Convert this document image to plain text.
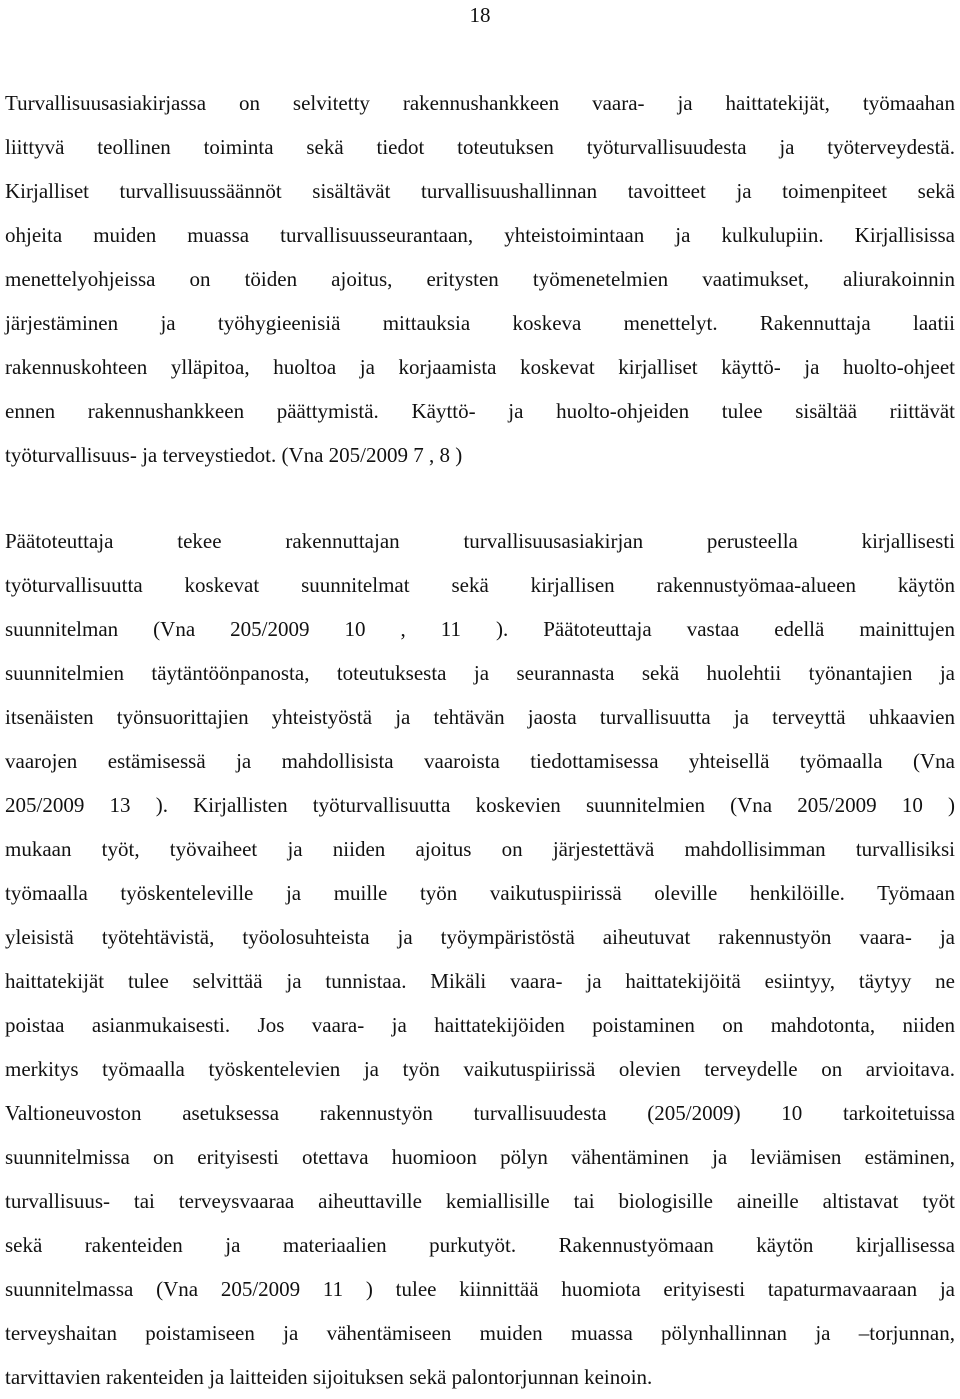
18
Turvallisuusasiakirjassa on selvitetty rakennushankkeen vaara- ja haittatekijät, työmaahan
liittyvä teollinen toiminta sekä tiedot toteutuksen työturvallisuudesta ja työterveydestä.
Kirjalliset turvallisuussäännöt sisältävät turvallisuushallinnan tavoitteet ja toimenpiteet sekä
ohjeita muiden muassa turvallisuusseurantaan, yhteistoimintaan ja kulkulupiin. Kirjallisissa
menettelyohjeissa on töiden ajoitus, eritysten työmenetelmien vaatimukset, aliurakoinnin
järjestäminen ja työhygieenisiä mittauksia koskeva menettelyt. Rakennuttaja laatii
rakennuskohteen ylläpitoa, huoltoa ja korjaamista koskevat kirjalliset käyttö- ja huolto-ohjeet
ennen rakennushankkeen päättymistä. Käyttö- ja huolto-ohjeiden tulee sisältää riittävät
työturvallisuus- ja terveystiedot. (Vna 205/2009 7 , 8 )
Päätoteuttaja tekee rakennuttajan turvallisuusasiakirjan perusteella kirjallisesti
työturvallisuutta koskevat suunnitelmat sekä kirjallisen rakennustyömaa-alueen käytön
suunnitelman (Vna 205/2009 10 , 11 ). Päätoteuttaja vastaa edellä mainittujen
suunnitelmien täytäntöönpanosta, toteutuksesta ja seurannasta sekä huolehtii työnantajien ja
itsenäisten työnsuorittajien yhteistyöstä ja tehtävän jaosta turvallisuutta ja terveyttä uhkaavien
vaarojen estämisessä ja mahdollisista vaaroista tiedottamisessa yhteisellä työmaalla (Vna
205/2009 13 ). Kirjallisten työturvallisuutta koskevien suunnitelmien (Vna 205/2009 10 )
mukaan työt, työvaiheet ja niiden ajoitus on järjestettävä mahdollisimman turvallisiksi
työmaalla työskenteleville ja muille työn vaikutuspiirissä oleville henkilöille. Työmaan
yleisistä työtehtävistä, työolosuhteista ja työympäristöstä aiheutuvat rakennustyön vaara- ja
haittatekijät tulee selvittää ja tunnistaa. Mikäli vaara- ja haittatekijöitä esiintyy, täytyy ne
poistaa asianmukaisesti. Jos vaara- ja haittatekijöiden poistaminen on mahdotonta, niiden
merkitys työmaalla työskentelevien ja työn vaikutuspiirissä olevien terveydelle on arvioitava.
Valtioneuvoston asetuksessa rakennustyön turvallisuudesta (205/2009) 10 tarkoitetuissa
suunnitelmissa on erityisesti otettava huomioon pölyn vähentäminen ja leviämisen estäminen,
turvallisuus- tai terveysvaaraa aiheuttaville kemiallisille tai biologisille aineille altistavat työt
sekä rakenteiden ja materiaalien purkutyöt. Rakennustyömaan käytön kirjallisessa
suunnitelmassa (Vna 205/2009 11 ) tulee kiinnittää huomiota erityisesti tapaturmavaaraan ja
terveyshaitan poistamiseen ja vähentämiseen muiden muassa pölynhallinnan ja –torjunnan,
tarvittavien rakenteiden ja laitteiden sijoituksen sekä palontorjunnan keinoin.
